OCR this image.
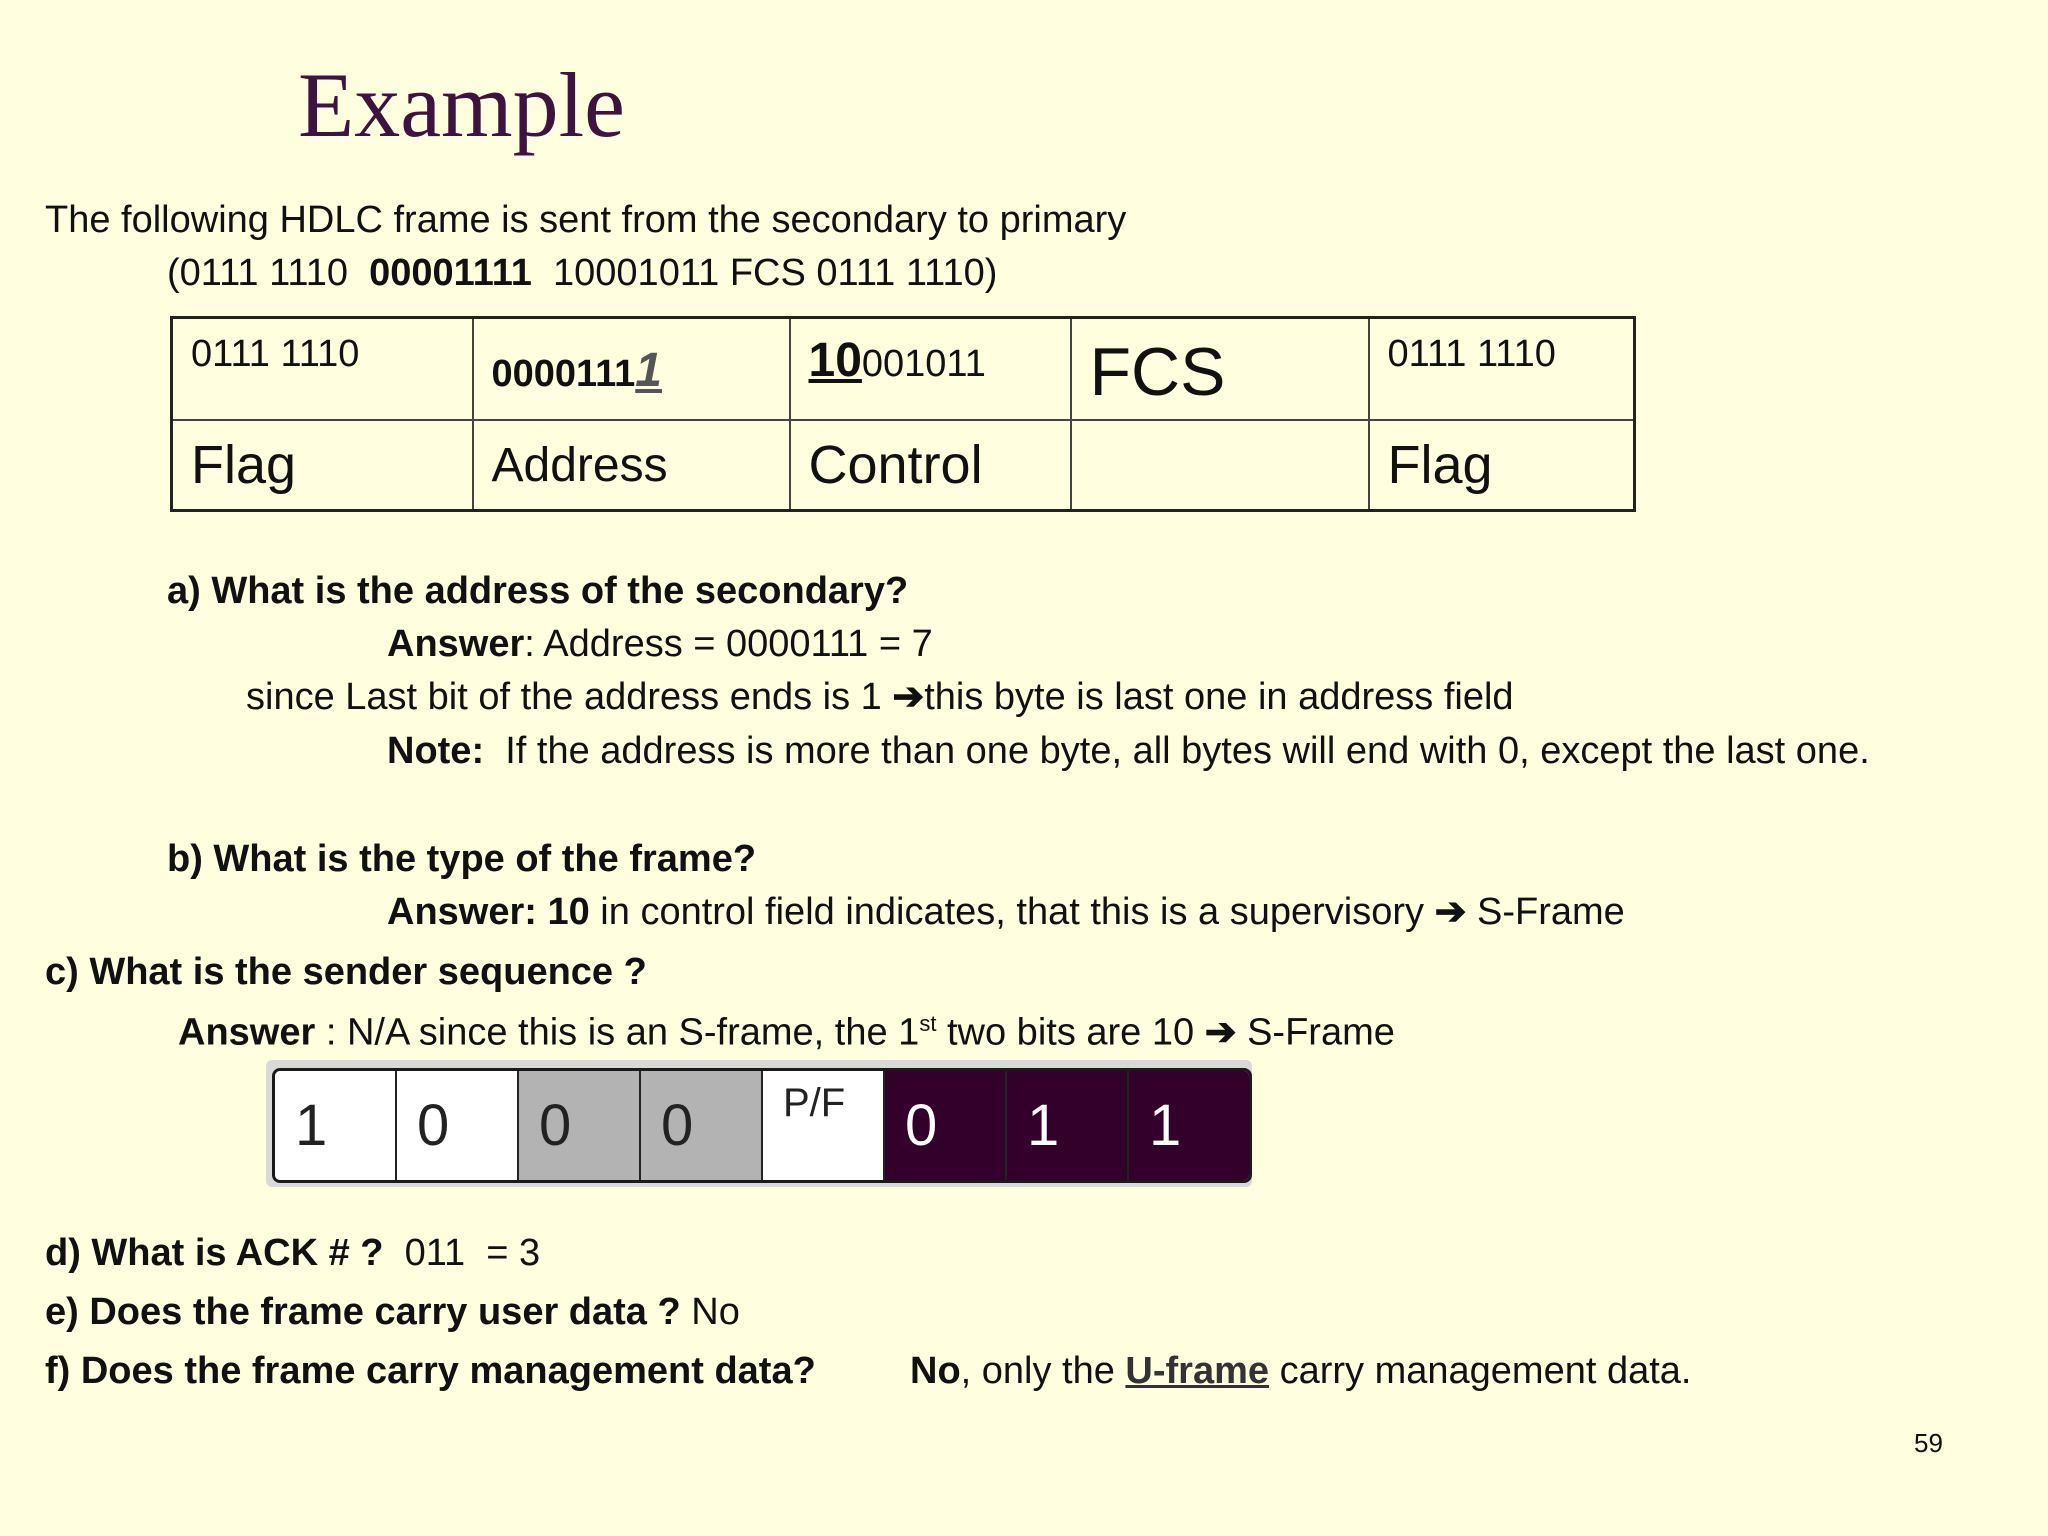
Example
The following HDLC frame is sent from the secondary to primary
(0111 1110  00001111  10001011 FCS 0111 1110)
0111 1110	00001111	10001011	FCS	0111 1110
Flag	Address	Control		Flag
a) What is the address of the secondary?
Answer: Address = 0000111 = 7
since Last bit of the address ends is 1 ➔this byte is last one in address field
Note:  If the address is more than one byte, all bytes will end with 0, except the last one.
b) What is the type of the frame?
Answer: 10 in control field indicates, that this is a supervisory ➔ S-Frame
c) What is the sender sequence ?
Answer : N/A since this is an S-frame, the 1st two bits are 10 ➔ S-Frame
1	0	0	0	P/F	0	1	1
d) What is ACK # ?  011  = 3
e) Does the frame carry user data ? No
f) Does the frame carry management data? No, only the U-frame carry management data.
59
